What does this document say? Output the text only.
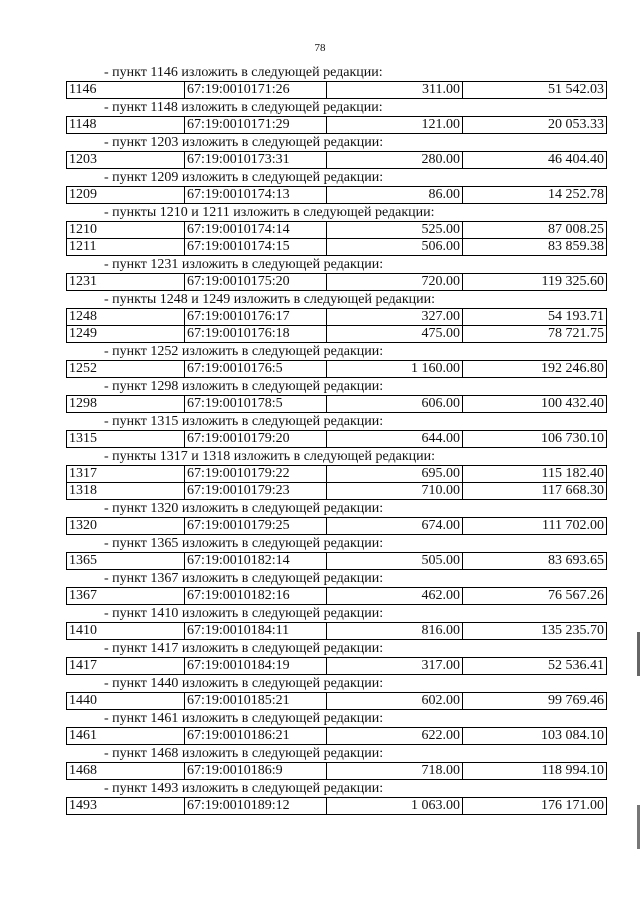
78
- пункт 1146 изложить в следующей редакции:
1146	67:19:0010171:26	311.00	51 542.03
- пункт 1148 изложить в следующей редакции:
1148	67:19:0010171:29	121.00	20 053.33
- пункт 1203 изложить в следующей редакции:
1203	67:19:0010173:31	280.00	46 404.40
- пункт 1209 изложить в следующей редакции:
1209	67:19:0010174:13	86.00	14 252.78
- пункты 1210 и 1211 изложить в следующей редакции:
1210	67:19:0010174:14	525.00	87 008.25
1211	67:19:0010174:15	506.00	83 859.38
- пункт 1231 изложить в следующей редакции:
1231	67:19:0010175:20	720.00	119 325.60
- пункты 1248 и 1249 изложить в следующей редакции:
1248	67:19:0010176:17	327.00	54 193.71
1249	67:19:0010176:18	475.00	78 721.75
- пункт 1252 изложить в следующей редакции:
1252	67:19:0010176:5	1 160.00	192 246.80
- пункт 1298 изложить в следующей редакции:
1298	67:19:0010178:5	606.00	100 432.40
- пункт 1315 изложить в следующей редакции:
1315	67:19:0010179:20	644.00	106 730.10
- пункты 1317 и 1318 изложить в следующей редакции:
1317	67:19:0010179:22	695.00	115 182.40
1318	67:19:0010179:23	710.00	117 668.30
- пункт 1320 изложить в следующей редакции:
1320	67:19:0010179:25	674.00	111 702.00
- пункт 1365 изложить в следующей редакции:
1365	67:19:0010182:14	505.00	83 693.65
- пункт 1367 изложить в следующей редакции:
1367	67:19:0010182:16	462.00	76 567.26
- пункт 1410 изложить в следующей редакции:
1410	67:19:0010184:11	816.00	135 235.70
- пункт 1417 изложить в следующей редакции:
1417	67:19:0010184:19	317.00	52 536.41
- пункт 1440 изложить в следующей редакции:
1440	67:19:0010185:21	602.00	99 769.46
- пункт 1461 изложить в следующей редакции:
1461	67:19:0010186:21	622.00	103 084.10
- пункт 1468 изложить в следующей редакции:
1468	67:19:0010186:9	718.00	118 994.10
- пункт 1493 изложить в следующей редакции:
1493	67:19:0010189:12	1 063.00	176 171.00
